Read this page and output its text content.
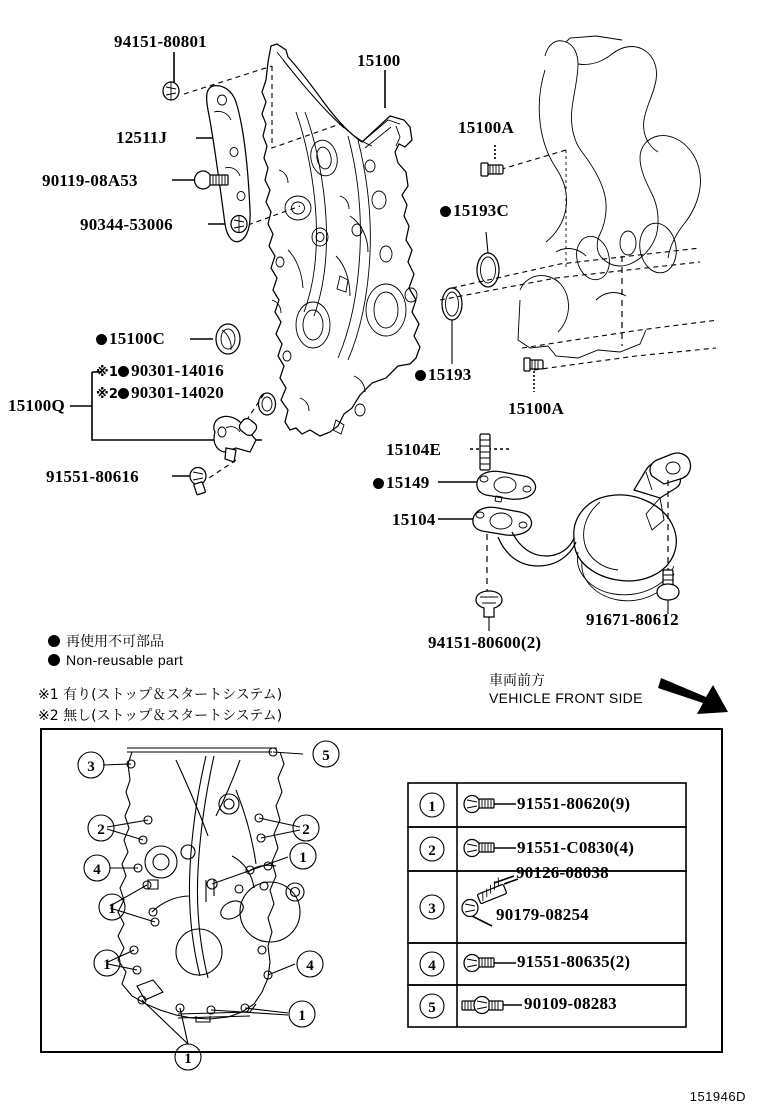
3
5
2	2
4
1
1
1	4
1
1
1
2
3
4
5
94151-80801
12511J
90119-08A53
90344-53006
15100
15100A
15193C
15193
15100A
15100C
※1 90301-14016
※2 90301-14020
15100Q
91551-80616
15104E
15149
15104
94151-80600(2)
91671-80612
再使用不可部品
Non-reusable part
※1 有り(ストップ＆スタートシステム)
※2 無し(ストップ＆スタートシステム)
車両前方
VEHICLE FRONT SIDE
91551-80620(9)
91551-C0830(4)
90126-08038
90179-08254
91551-80635(2)
90109-08283
151946D
